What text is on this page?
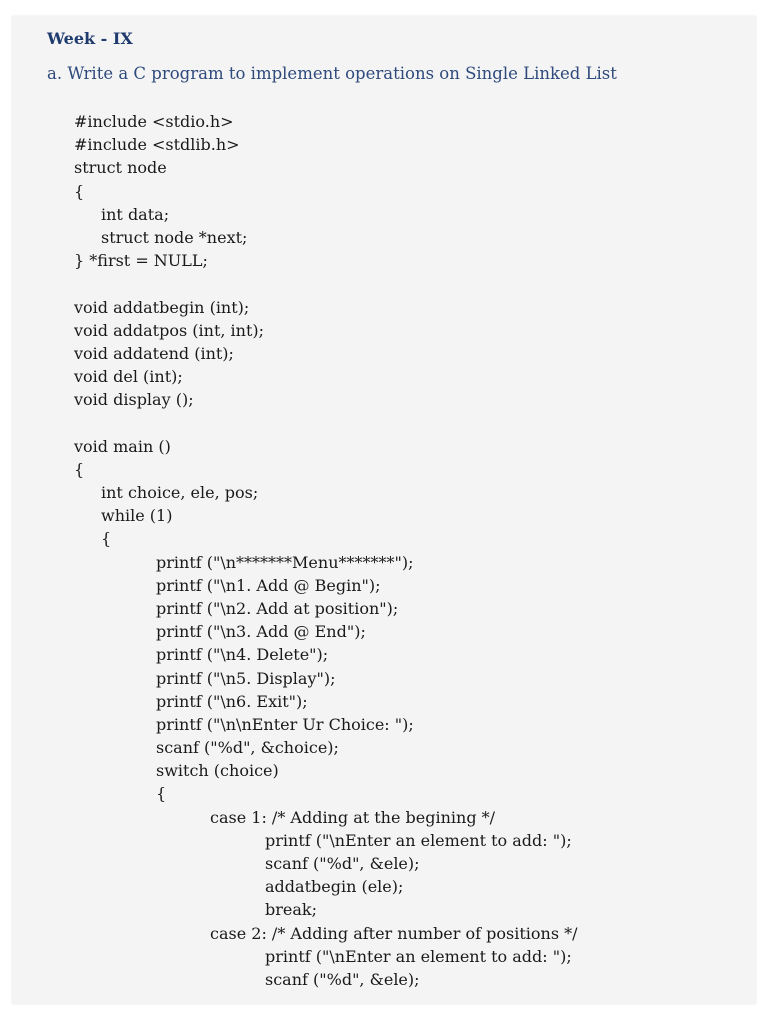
Week - IX
a. Write a C program to implement operations on Single Linked List
#include <stdio.h>
#include <stdlib.h>
struct node
{
int data;
struct node *next;
} *first = NULL;
void addatbegin (int);
void addatpos (int, int);
void addatend (int);
void del (int);
void display ();
void main ()
{
int choice, ele, pos;
while (1)
{
printf ("\n*******Menu*******");
printf ("\n1. Add @ Begin");
printf ("\n2. Add at position");
printf ("\n3. Add @ End");
printf ("\n4. Delete");
printf ("\n5. Display");
printf ("\n6. Exit");
printf ("\n\nEnter Ur Choice: ");
scanf ("%d", &choice);
switch (choice)
{
case 1: /* Adding at the begining */
printf ("\nEnter an element to add: ");
scanf ("%d", &ele);
addatbegin (ele);
break;
case 2: /* Adding after number of positions */
printf ("\nEnter an element to add: ");
scanf ("%d", &ele);
